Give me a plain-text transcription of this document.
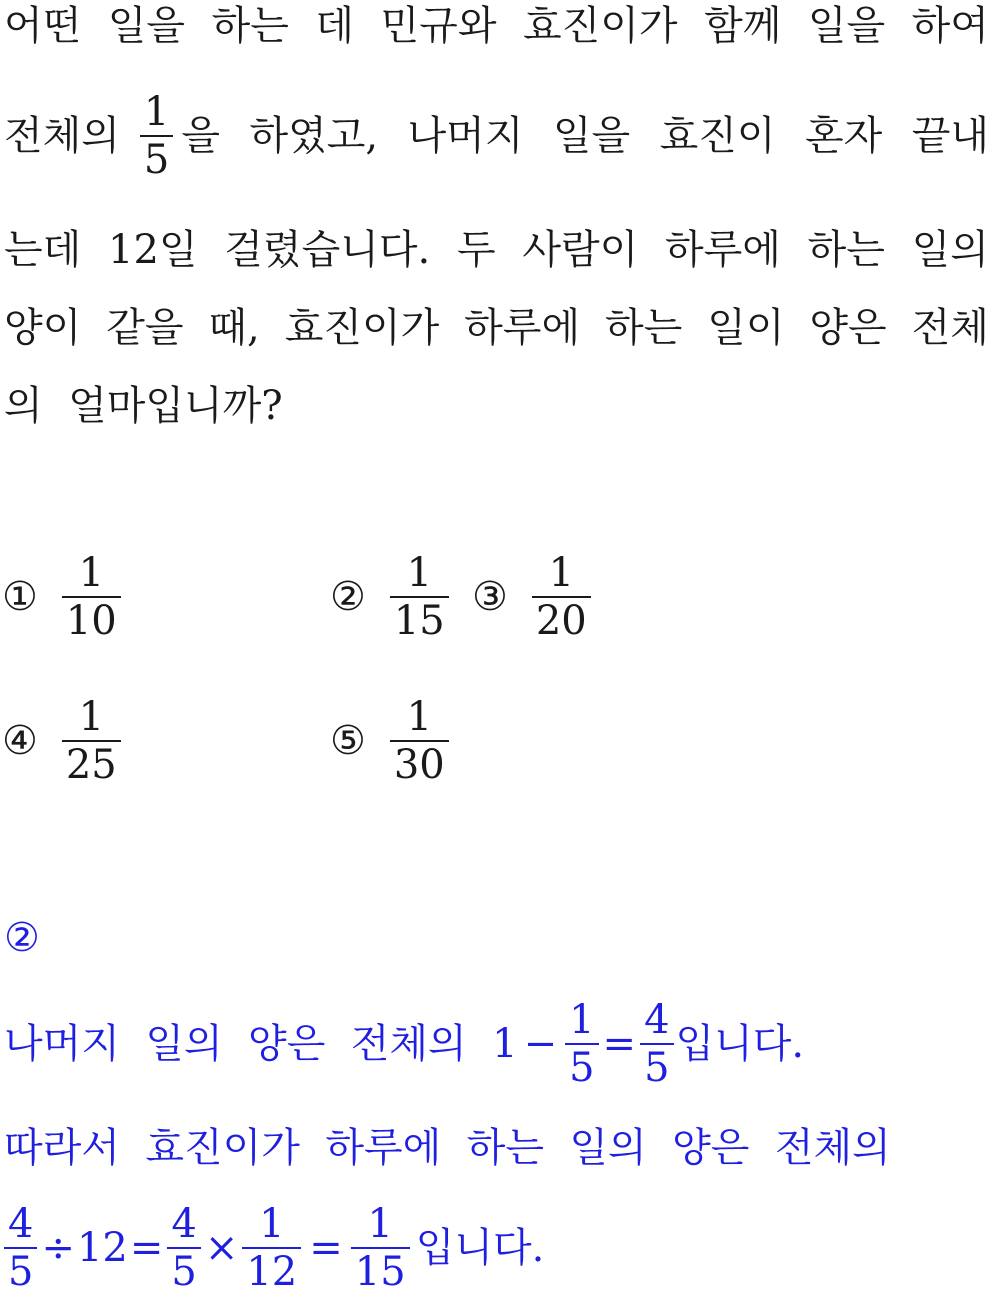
어떤 일을 하는 데 민규와 효진이가 함께 일을 하여
전체의 $\frac{1}{5}$ 을 하였고, 나머지 일을 효진이 혼자 끝내
는데 12일 걸렸습니다. 두 사람이 하루에 하는 일의
양이 같을 때, 효진이가 하루에 하는 일이 양은 전체
의  얼마입니까?
① $\frac{1}{10}$	② $\frac{1}{15}$ ③ $\frac{1}{20}$
④ $\frac{1}{25}$	⑤ $\frac{1}{30}$
②
나머지  일의  양은  전체의  $1 - \frac{1}{5} = \frac{4}{5}$ 입니다.
따라서  효진이가  하루에  하는  일의  양은  전체의
$\frac{4}{5} \div 12 = \frac{4}{5} \times \frac{1}{12} = \frac{1}{15}$ 입니다.
